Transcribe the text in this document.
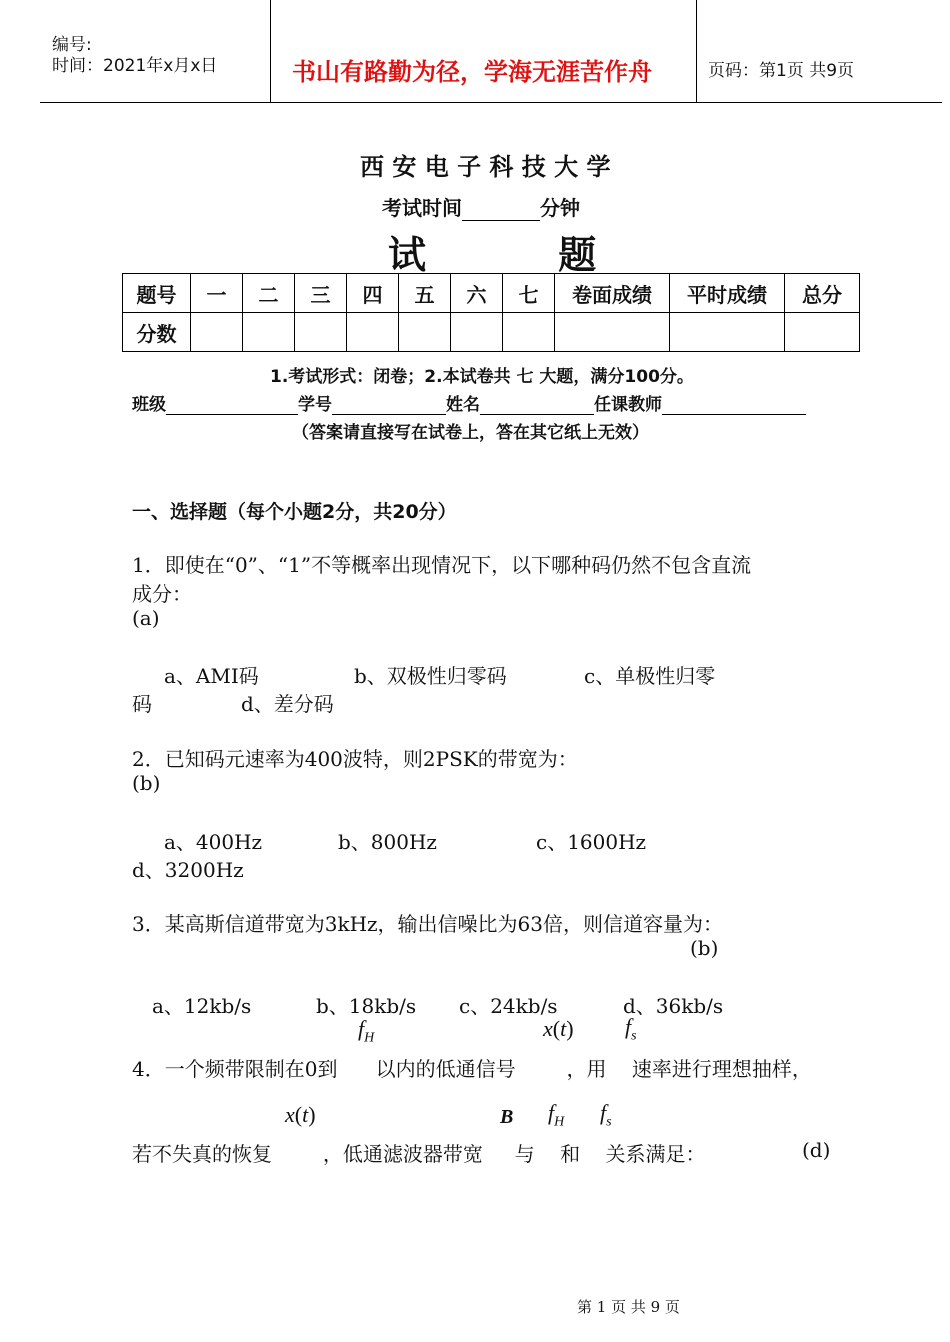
编号:
时间：2021年x月x日	书山有路勤为径，学海无涯苦作舟	页码：第1页 共9页
西 安 电 子 科 技 大 学
考试时间	分钟
试          题
题号	一	二	三	四	五	六	七	卷面成绩	平时成绩	总分
分数										
1.考试形式：闭卷；2.本试卷共 七 大题，满分100分。
班级	学号	姓名	任课教师
（答案请直接写在试卷上，答在其它纸上无效）
一、选择题（每个小题2分，共20分）
1．即使在“0”、“1”不等概率出现情况下，以下哪种码仍然不包含直流
成分：
(a)
a、AMI码	b、双极性归零码	c、单极性归零
码	d、差分码
2．已知码元速率为400波特，则2PSK的带宽为：
(b)
a、400Hz	b、800Hz	c、1600Hz
d、3200Hz
3．某高斯信道带宽为3kHz，输出信噪比为63倍，则信道容量为：
(b)
a、12kb/s	b、18kb/s c、24kb/s	d、36kb/s
$f_H$	x(t) $f_s$
4．一个频带限制在0到      以内的低通信号        ，用    速率进行理想抽样，
x(t)	B $f_H$ $f_s$
若不失真的恢复        ，低通滤波器带宽     与    和    关系满足：	(d)
第 1 页 共 9 页
